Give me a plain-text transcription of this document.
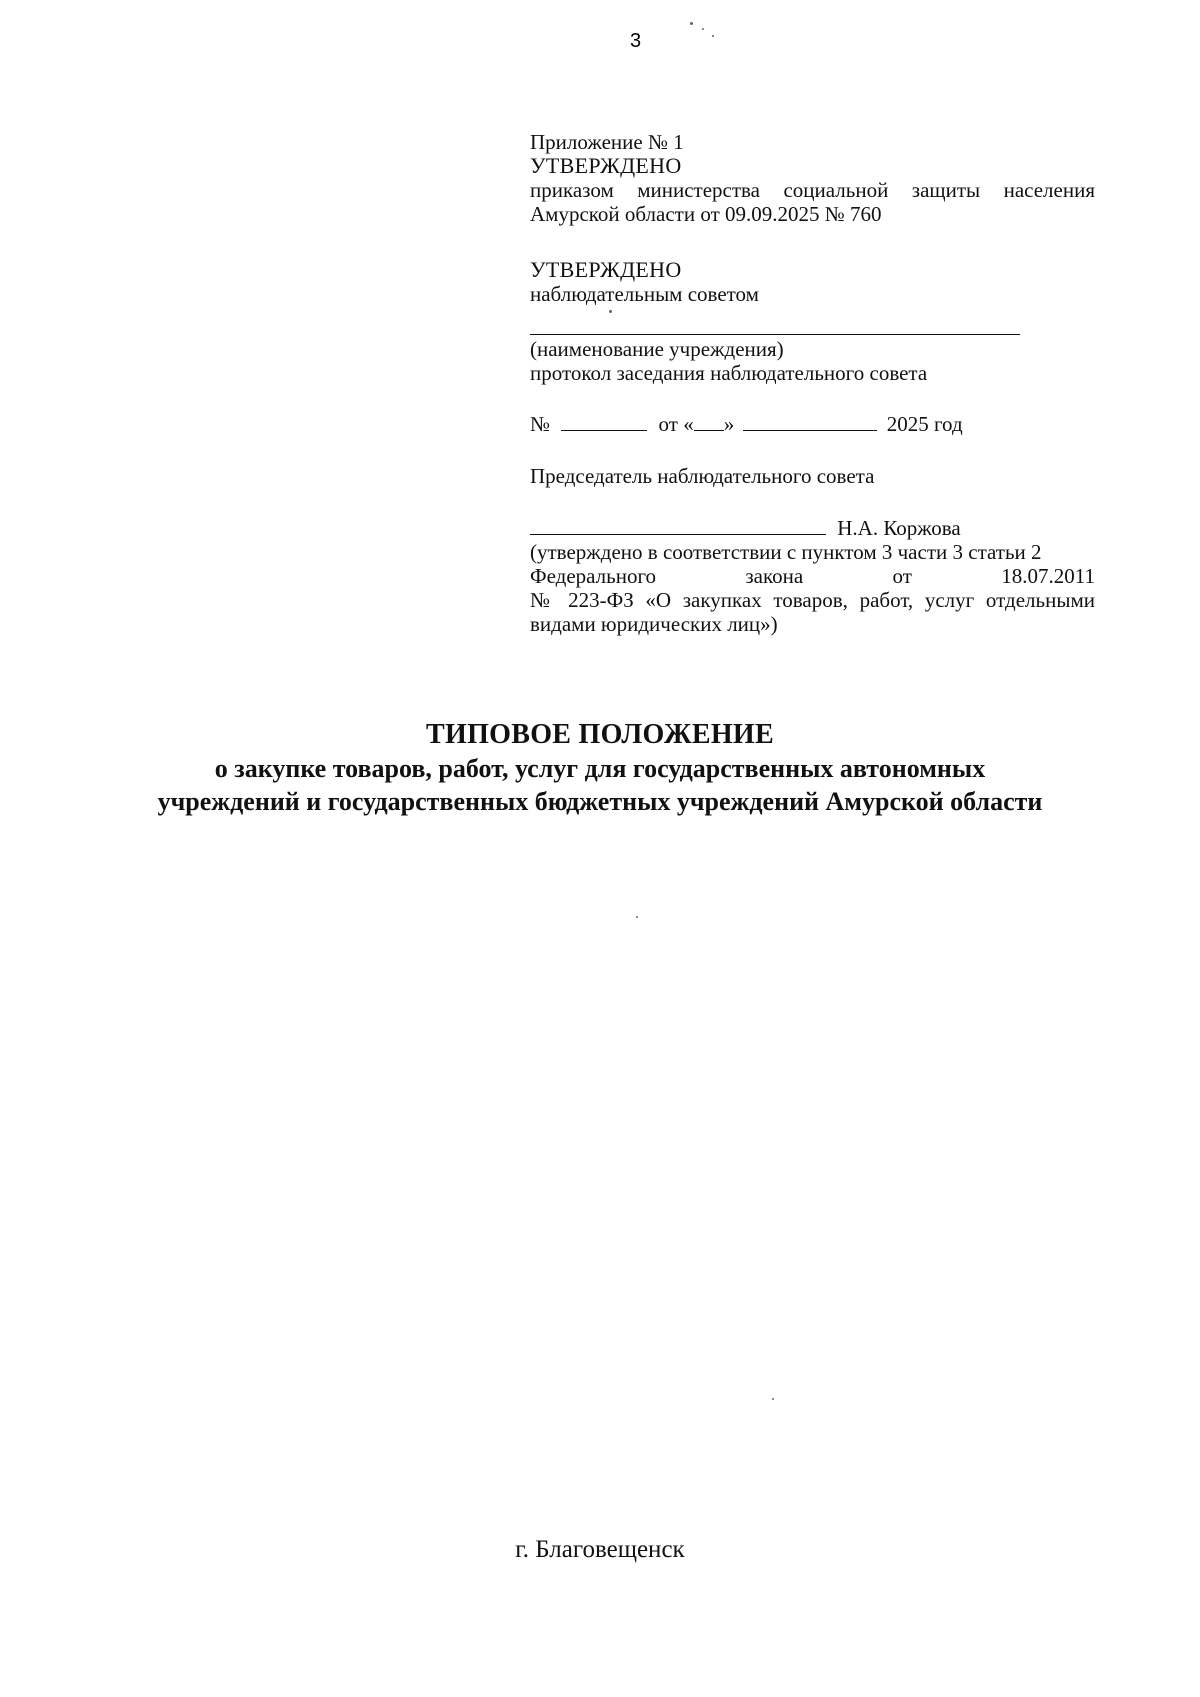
3

Приложение № 1

УТВЕРЖДЕНО

приказом министерства социальной защиты населения Амурской области от 09.09.2025 № 760

УТВЕРЖДЕНО

наблюдательным советом

(наименование учреждения)

протокол заседания наблюдательного совета

№	от « »	2025 год

Председатель наблюдательного совета

Н.А. Коржова

(утверждено в соответствии с пунктом 3 части 3 статьи 2

Федерального	закона	от	18.07.2011

№ 223-ФЗ «О закупках товаров, работ, услуг отдельными видами юридических лиц»)

ТИПОВОЕ ПОЛОЖЕНИЕ
о закупке товаров, работ, услуг для государственных автономных учреждений и государственных бюджетных учреждений Амурской области
г. Благовещенск
